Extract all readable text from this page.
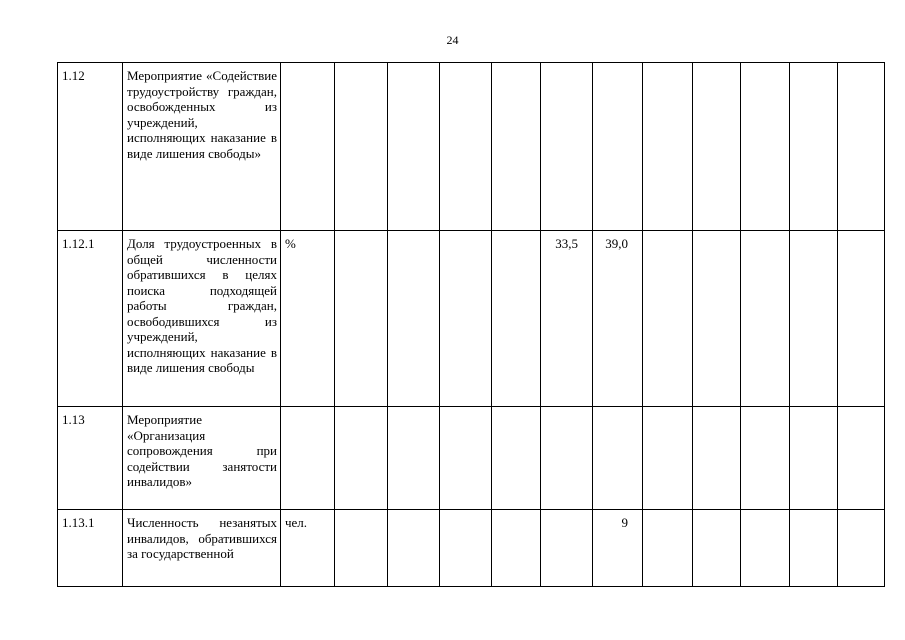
24
1.12	Мероприятие «Содействие трудоустройству граждан, освобожденных из учреждений, исполняющих наказание в виде лишения свободы»													
1.12.1	Доля трудоустроенных в общей численности обратившихся в целях поиска подходящей работы граждан, освободившихся из учреждений, исполняющих наказание в виде лишения свободы	%					33,5	39,0						
1.13	Мероприятие «Организация сопровождения при содействии занятости инвалидов»													
1.13.1	Численность незанятых инвалидов, обратившихся за государственной	чел.						9						
